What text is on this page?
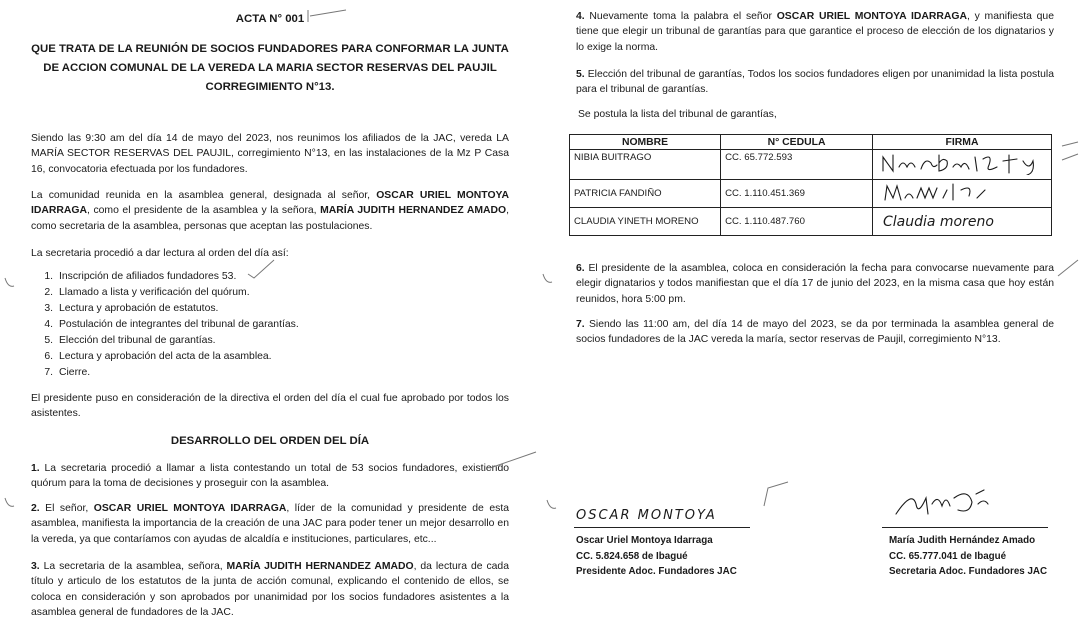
ACTA N° 001
QUE TRATA DE LA REUNIÓN DE SOCIOS FUNDADORES PARA CONFORMAR LA JUNTA
DE ACCION COMUNAL DE LA VEREDA LA MARIA SECTOR RESERVAS DEL PAUJIL
CORREGIMIENTO N°13.
Siendo las 9:30 am del día 14 de mayo del 2023, nos reunimos los afiliados de la JAC, vereda LA MARÍA SECTOR RESERVAS DEL PAUJIL, corregimiento N°13, en las instalaciones de la Mz P Casa 16, convocatoria efectuada por los fundadores.
La comunidad reunida en la asamblea general, designada al señor, OSCAR URIEL MONTOYA IDARRAGA, como el presidente de la asamblea y la señora, MARÍA JUDITH HERNANDEZ AMADO, como secretaria de la asamblea, personas que aceptan las postulaciones.
La secretaria procedió a dar lectura al orden del día así:
1. Inscripción de afiliados fundadores 53.
2. Llamado a lista y verificación del quórum.
3. Lectura y aprobación de estatutos.
4. Postulación de integrantes del tribunal de garantías.
5. Elección del tribunal de garantías.
6. Lectura y aprobación del acta de la asamblea.
7. Cierre.
El presidente puso en consideración de la directiva el orden del día el cual fue aprobado por todos los asistentes.
DESARROLLO DEL ORDEN DEL DÍA
1. La secretaria procedió a llamar a lista contestando un total de 53 socios fundadores, existiendo quórum para la toma de decisiones y proseguir con la asamblea.
2. El señor, OSCAR URIEL MONTOYA IDARRAGA, líder de la comunidad y presidente de esta asamblea, manifiesta la importancia de la creación de una JAC para poder tener un mejor desarrollo en la vereda, ya que contaríamos con ayudas de alcaldía e instituciones, particulares, etc...
3. La secretaria de la asamblea, señora, MARÍA JUDITH HERNANDEZ AMADO, da lectura de cada título y articulo de los estatutos de la junta de acción comunal, explicando el contenido de ellos, se coloca en consideración y son aprobados por unanimidad por los socios fundadores asistentes a la asamblea general de fundadores de la JAC.
4. Nuevamente toma la palabra el señor OSCAR URIEL MONTOYA IDARRAGA, y manifiesta que tiene que elegir un tribunal de garantías para que garantice el proceso de elección de los dignatarios y lo exige la norma.
5. Elección del tribunal de garantías, Todos los socios fundadores eligen por unanimidad la lista postula para el tribunal de garantías.
Se postula la lista del tribunal de garantías,
NOMBRE	N° CEDULA	FIRMA
NIBIA BUITRAGO	CC. 65.772.593	
PATRICIA FANDIÑO	CC. 1.110.451.369	
CLAUDIA YINETH MORENO	CC. 1.110.487.760	Claudia moreno
6. El presidente de la asamblea, coloca en consideración la fecha para convocarse nuevamente para elegir dignatarios y todos manifiestan que el día 17 de junio del 2023, en la misma casa que hoy están reunidos, hora 5:00 pm.
7. Siendo las 11:00 am, del día 14 de mayo del 2023, se da por terminada la asamblea general de socios fundadores de la JAC vereda la maría, sector reservas de Paujil, corregimiento N°13.
OSCAR MONTOYA
Oscar Uriel Montoya Idarraga
CC. 5.824.658 de Ibagué
Presidente Adoc. Fundadores JAC
María Judith Hernández Amado
CC. 65.777.041 de Ibagué
Secretaria Adoc. Fundadores JAC
